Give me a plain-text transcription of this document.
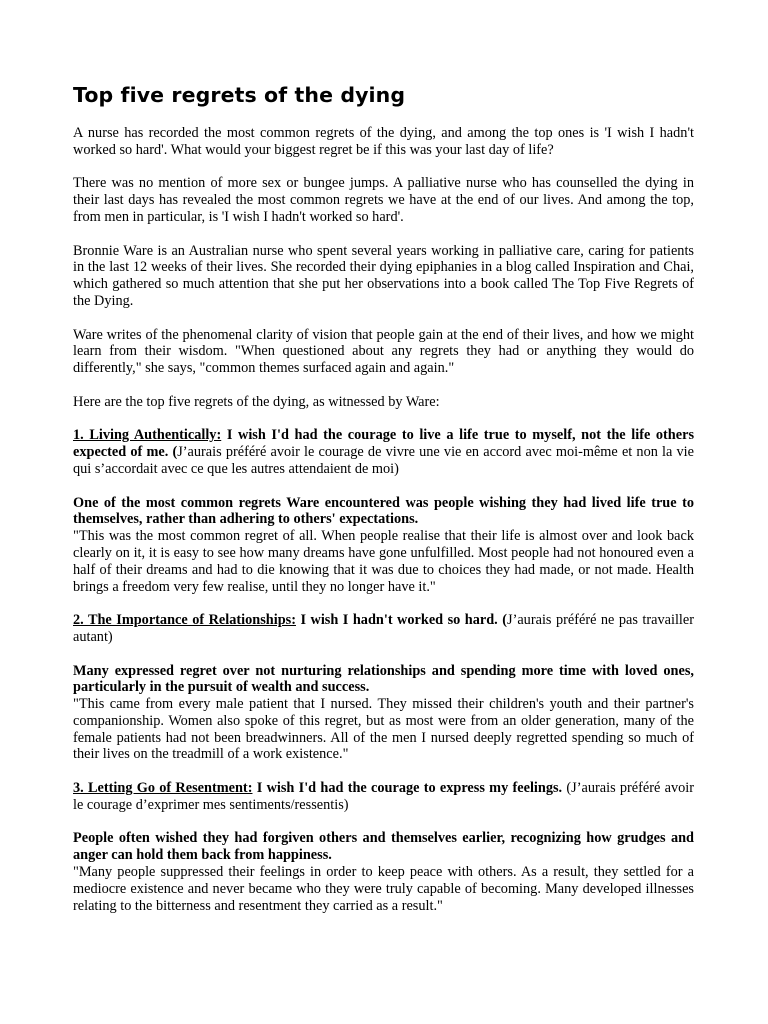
Top five regrets of the dying

A nurse has recorded the most common regrets of the dying, and among the top ones is 'I wish I hadn't worked so hard'. What would your biggest regret be if this was your last day of life?

There was no mention of more sex or bungee jumps. A palliative nurse who has counselled the dying in their last days has revealed the most common regrets we have at the end of our lives. And among the top, from men in particular, is 'I wish I hadn't worked so hard'.

Bronnie Ware is an Australian nurse who spent several years working in palliative care, caring for patients in the last 12 weeks of their lives. She recorded their dying epiphanies in a blog called Inspiration and Chai, which gathered so much attention that she put her observations into a book called The Top Five Regrets of the Dying.

Ware writes of the phenomenal clarity of vision that people gain at the end of their lives, and how we might learn from their wisdom. "When questioned about any regrets they had or anything they would do differently," she says, "common themes surfaced again and again."

Here are the top five regrets of the dying, as witnessed by Ware:

1. Living Authentically: I wish I'd had the courage to live a life true to myself, not the life others expected of me. (J’aurais préféré avoir le courage de vivre une vie en accord avec moi-même et non la vie qui s’accordait avec ce que les autres attendaient de moi)

One of the most common regrets Ware encountered was people wishing they had lived life true to themselves, rather than adhering to others' expectations.

"This was the most common regret of all. When people realise that their life is almost over and look back clearly on it, it is easy to see how many dreams have gone unfulfilled. Most people had not honoured even a half of their dreams and had to die knowing that it was due to choices they had made, or not made. Health brings a freedom very few realise, until they no longer have it."

2. The Importance of Relationships: I wish I hadn't worked so hard. (J’aurais préféré ne pas travailler autant)

Many expressed regret over not nurturing relationships and spending more time with loved ones, particularly in the pursuit of wealth and success.

"This came from every male patient that I nursed. They missed their children's youth and their partner's companionship. Women also spoke of this regret, but as most were from an older generation, many of the female patients had not been breadwinners. All of the men I nursed deeply regretted spending so much of their lives on the treadmill of a work existence."

3. Letting Go of Resentment: I wish I'd had the courage to express my feelings. (J’aurais préféré avoir le courage d’exprimer mes sentiments/ressentis)

People often wished they had forgiven others and themselves earlier, recognizing how grudges and anger can hold them back from happiness.

"Many people suppressed their feelings in order to keep peace with others. As a result, they settled for a mediocre existence and never became who they were truly capable of becoming. Many developed illnesses relating to the bitterness and resentment they carried as a result."
